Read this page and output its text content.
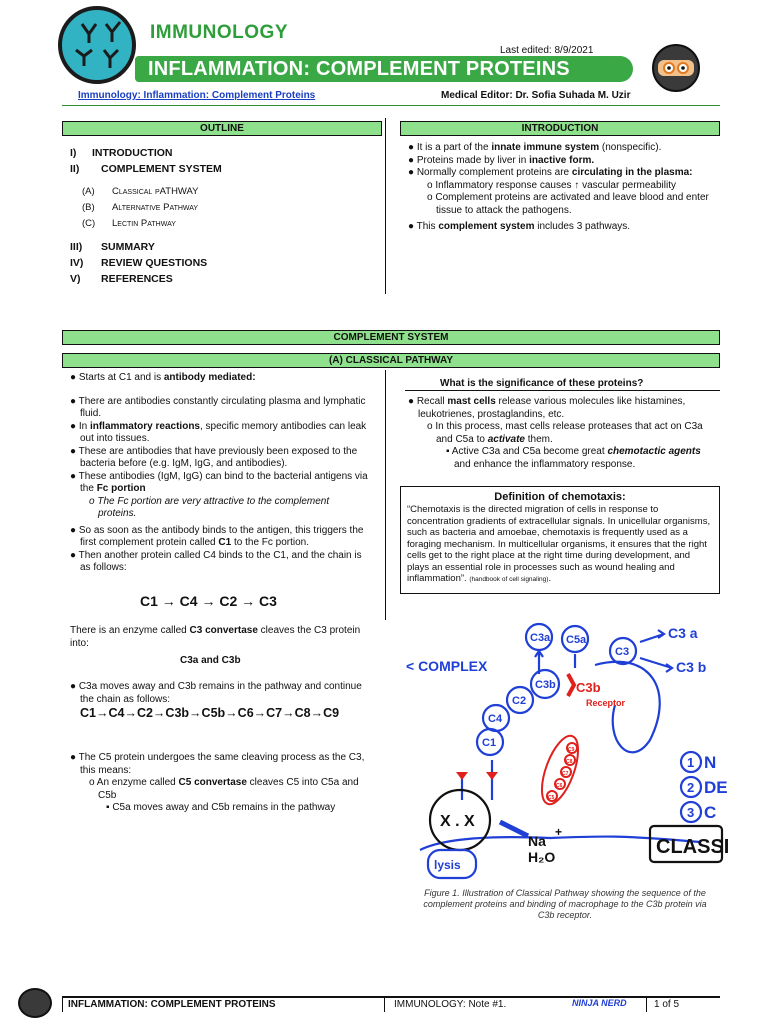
IMMUNOLOGY
Last edited: 8/9/2021
INFLAMMATION: COMPLEMENT PROTEINS
Immunology: Inflammation: Complement Proteins	Medical Editor: Dr. Sofia Suhada M. Uzir
OUTLINE
I) INTRODUCTION
II) COMPLEMENT SYSTEM
(A) Classical pATHWAY
(B) Alternative Pathway
(C) Lectin Pathway
III) SUMMARY
IV) REVIEW QUESTIONS
V) REFERENCES
INTRODUCTION
● It is a part of the innate immune system (nonspecific).
● Proteins made by liver in inactive form.
● Normally complement proteins are circulating in the plasma:
o Inflammatory response causes ↑ vascular permeability
o Complement proteins are activated and leave blood and enter tissue to attack the pathogens.
● This complement system includes 3 pathways.
COMPLEMENT SYSTEM
(A) CLASSICAL PATHWAY
● Starts at C1 and is antibody mediated:
● There are antibodies constantly circulating plasma and lymphatic fluid.
● In inflammatory reactions, specific memory antibodies can leak out into tissues.
● These are antibodies that have previously been exposed to the bacteria before (e.g. IgM, IgG, and antibodies).
● These antibodies (IgM, IgG) can bind to the bacterial antigens via the Fc portion
o The Fc portion are very attractive to the complement proteins.
● So as soon as the antibody binds to the antigen, this triggers the first complement protein called C1 to the Fc portion.
● Then another protein called C4 binds to the C1, and the chain is as follows:
C1 → C4 → C2 → C3
There is an enzyme called C3 convertase cleaves the C3 protein into:
C3a and C3b
● C3a moves away and C3b remains in the pathway and continue the chain as follows:
C1→C4→C2→C3b→C5b→C6→C7→C8→C9
● The C5 protein undergoes the same cleaving process as the C3, this means:
o An enzyme called C5 convertase cleaves C5 into C5a and C5b
▪ C5a moves away and C5b remains in the pathway
What is the significance of these proteins?
● Recall mast cells release various molecules like histamines, leukotrienes, prostaglandins, etc.
o In this process, mast cells release proteases that act on C3a and C5a to activate them.
▪ Active C3a and C5a become great chemotactic agents and enhance the inflammatory response.
Definition of chemotaxis:
“Chemotaxis is the directed migration of cells in response to concentration gradients of extracellular signals. In unicellular organisms, such as bacteria and amoebae, chemotaxis is frequently used as a foraging mechanism. In multicellular organisms, it ensures that the right cells get to the right place at the right time during development, and plays an essential role in processes such as wound healing and inflammation”. (handbook of cell signaling).
C3a C5a
C3
C3 a
C3 b
< COMPLEX
C3b
C2
C4
C1
1
2
3
N
DE
C
lysis
C3b
Receptor
C9
C8
C7
C6
C5
X . X
Na
+
H₂O	CLASSI
Figure 1. Illustration of Classical Pathway showing the sequence of the complement proteins and binding of macrophage to the C3b protein via C3b receptor.
INFLAMMATION: COMPLEMENT PROTEINS	IMMUNOLOGY: Note #1.	NINJA NERD	1 of 5
